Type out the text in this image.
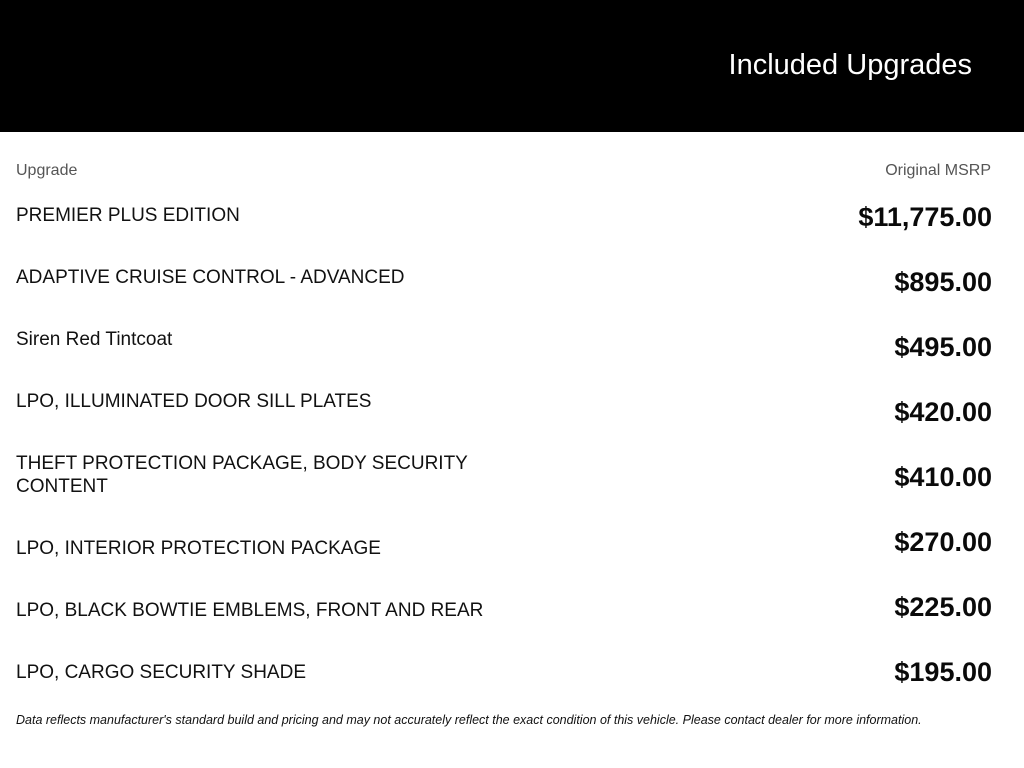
Included Upgrades
Upgrade	Original MSRP
PREMIER PLUS EDITION	$11,775.00
ADAPTIVE CRUISE CONTROL - ADVANCED	$895.00
Siren Red Tintcoat	$495.00
LPO, ILLUMINATED DOOR SILL PLATES	$420.00
THEFT PROTECTION PACKAGE, BODY SECURITY CONTENT	$410.00
LPO, INTERIOR PROTECTION PACKAGE	$270.00
LPO, BLACK BOWTIE EMBLEMS, FRONT AND REAR	$225.00
LPO, CARGO SECURITY SHADE	$195.00
Data reflects manufacturer's standard build and pricing and may not accurately reflect the exact condition of this vehicle. Please contact dealer for more information.
